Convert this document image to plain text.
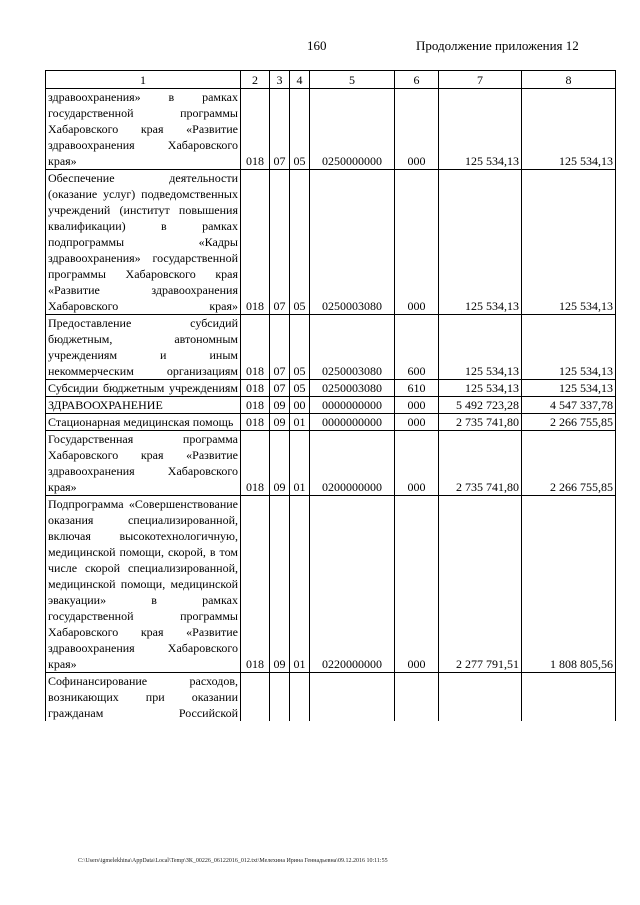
160	Продолжение приложения 12
1	2	3	4	5	6	7	8
здравоохранения» в рамках государственной программы Хабаровского края «Развитие здравоохранения Хабаровского края»	018	07	05	0250000000	000	125 534,13	125 534,13
Обеспечение деятельности (оказание услуг) подведомственных учреждений (институт повышения квалификации) в рамках подпрограммы «Кадры здравоохранения» государственной программы Хабаровского края «Развитие здравоохранения Хабаровского края»	018	07	05	0250003080	000	125 534,13	125 534,13
Предоставление субсидий бюджетным, автономным учреждениям и иным некоммерческим организациям	018	07	05	0250003080	600	125 534,13	125 534,13
Субсидии бюджетным учреждениям	018	07	05	0250003080	610	125 534,13	125 534,13
ЗДРАВООХРАНЕНИЕ	018	09	00	0000000000	000	5 492 723,28	4 547 337,78
Стационарная медицинская помощь	018	09	01	0000000000	000	2 735 741,80	2 266 755,85
Государственная программа Хабаровского края «Развитие здравоохранения Хабаровского края»	018	09	01	0200000000	000	2 735 741,80	2 266 755,85
Подпрограмма «Совершенствование оказания специализированной, включая высокотехнологичную, медицинской помощи, скорой, в том числе скорой специализированной, медицинской помощи, медицинской эвакуации» в рамках государственной программы Хабаровского края «Развитие здравоохранения Хабаровского края»	018	09	01	0220000000	000	2 277 791,51	1 808 805,56
Софинансирование расходов, возникающих при оказании гражданам Российской							
C:\Users\igmelekhina\AppData\Local\Temp\ЗК_00226_06122016_012.txt\Мелехина Ирина Геннадьевна\09.12.2016 10:11:55
